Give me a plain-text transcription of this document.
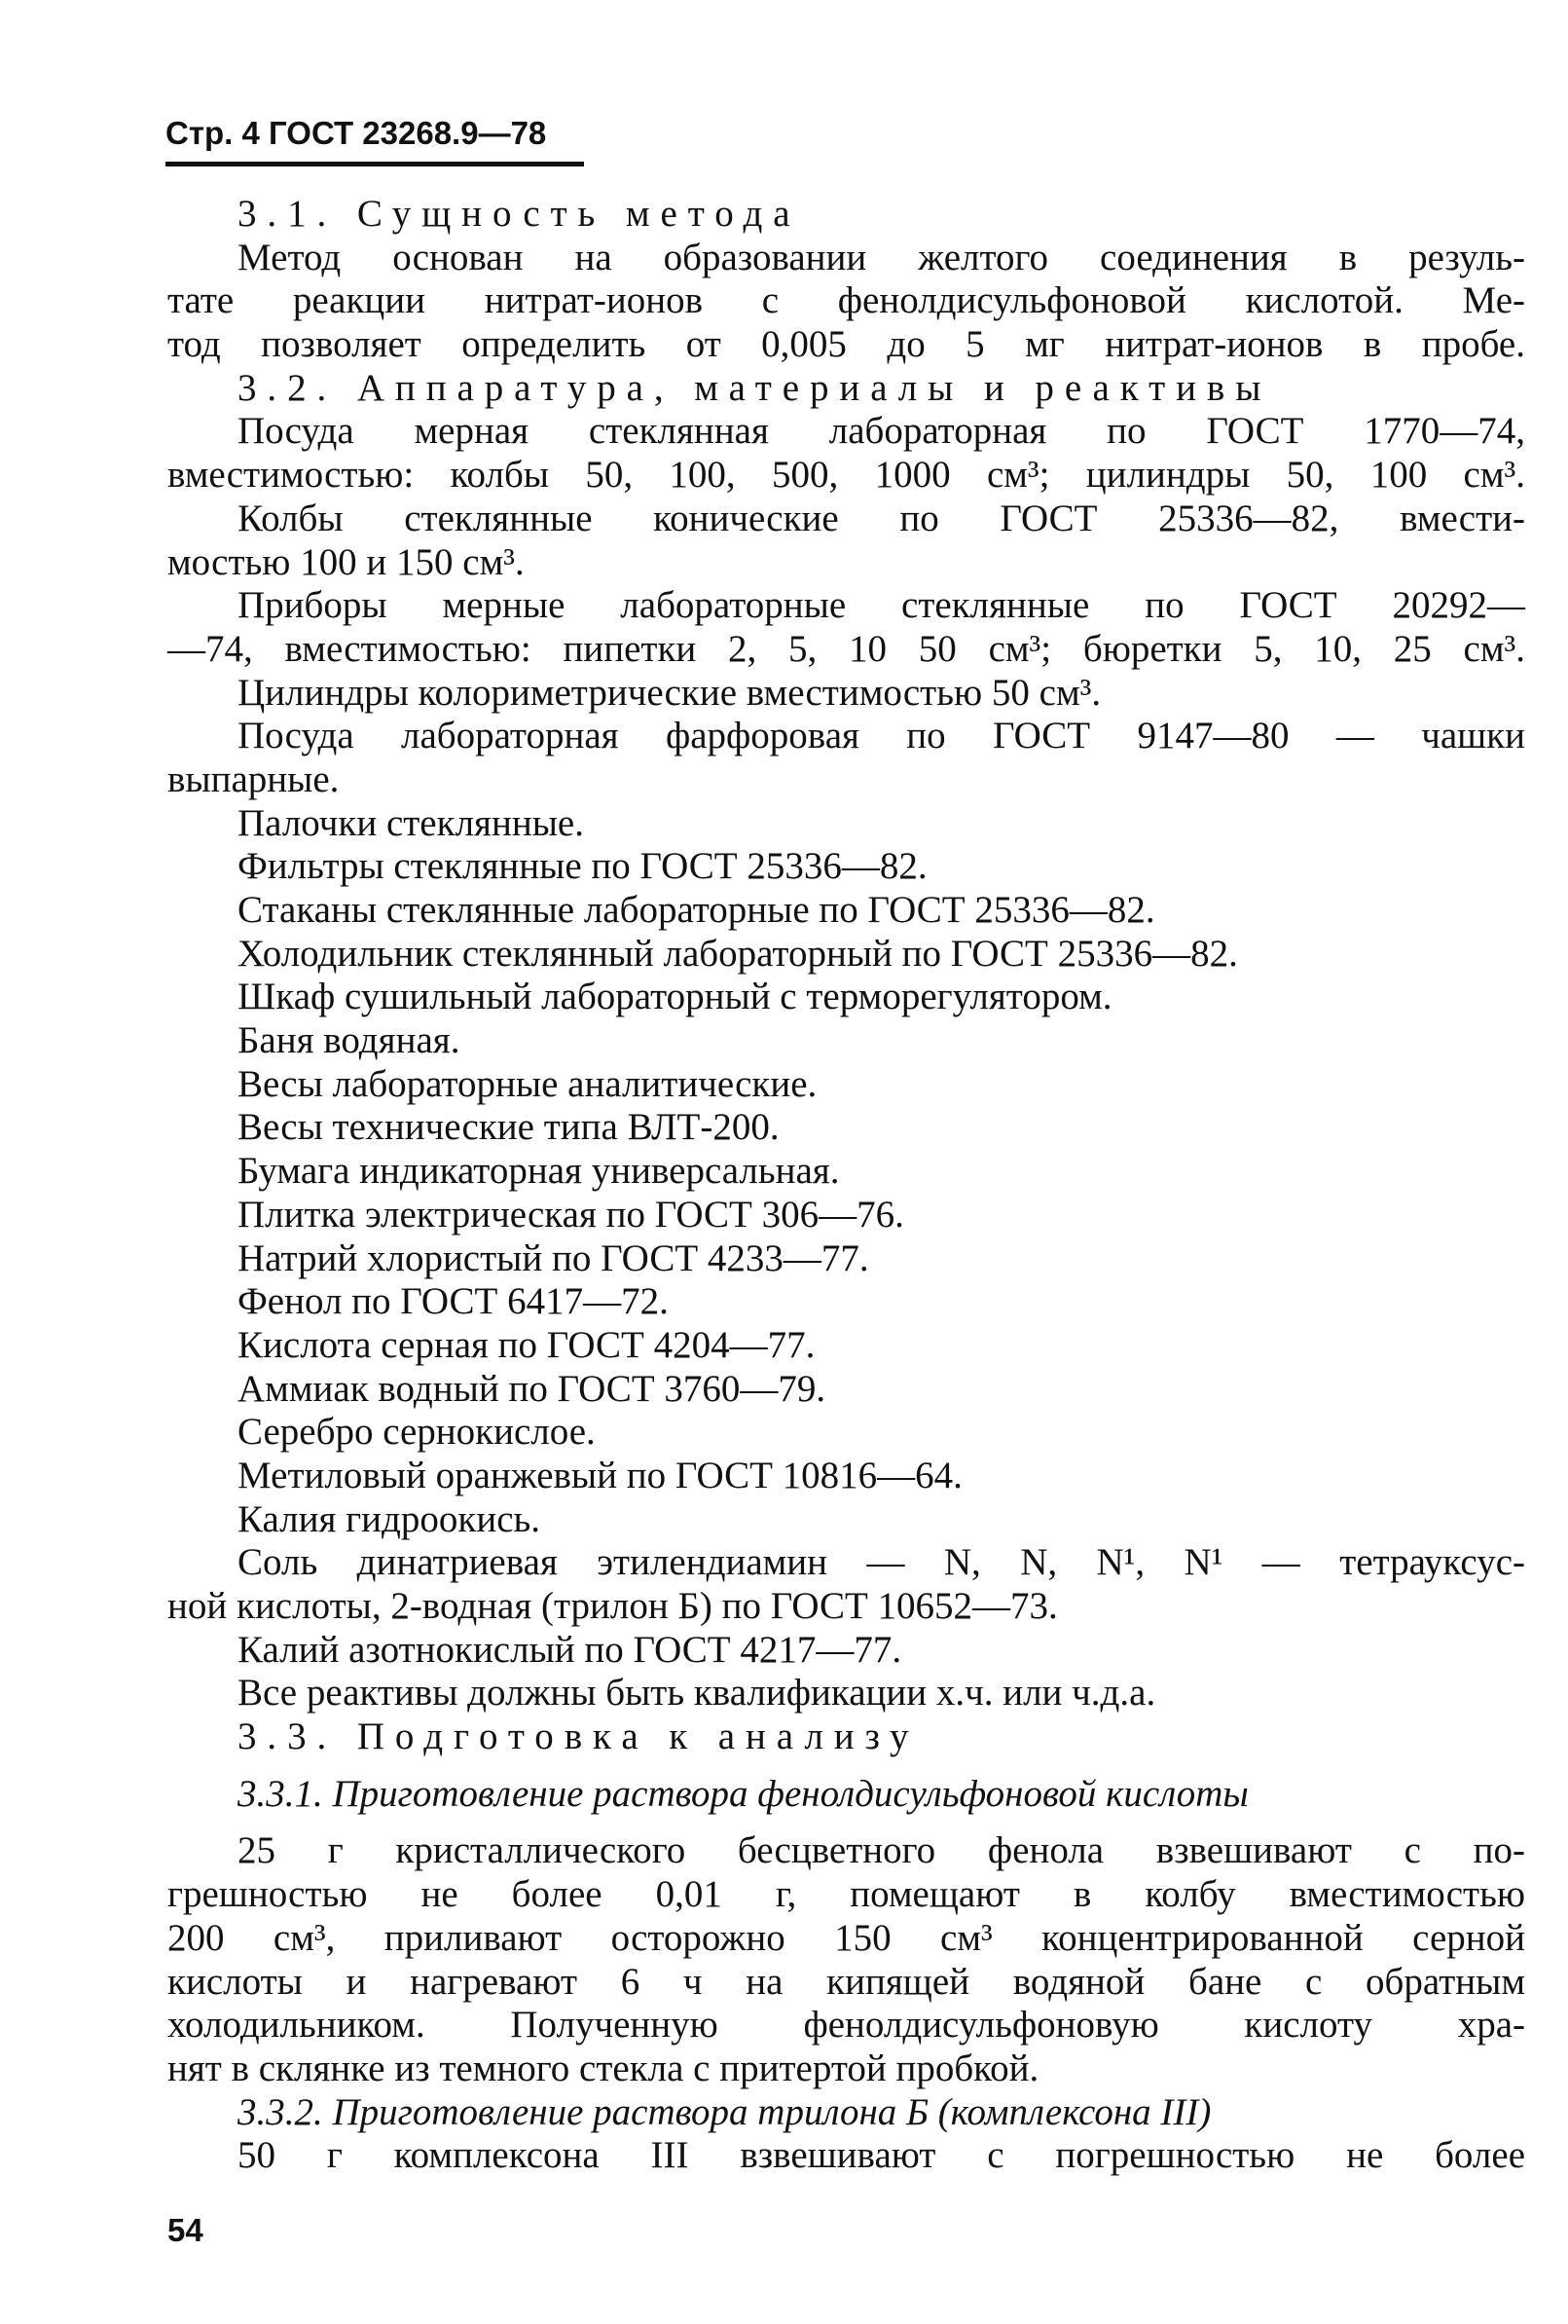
Стр. 4 ГОСТ 23268.9—78
3.1. Сущность метода
Метод основан на образовании желтого соединения в резуль-
тате реакции нитрат-ионов с фенолдисульфоновой кислотой. Ме-
тод позволяет определить от 0,005 до 5 мг нитрат-ионов в пробе.
3.2. Аппаратура, материалы и реактивы
Посуда мерная стеклянная лабораторная по ГОСТ 1770—74,
вместимостью: колбы 50, 100, 500, 1000 см³; цилиндры 50, 100 см³.
Колбы стеклянные конические по ГОСТ 25336—82, вмести-
мостью 100 и 150 см³.
Приборы мерные лабораторные стеклянные по ГОСТ 20292—
—74, вместимостью: пипетки 2, 5, 10 50 см³; бюретки 5, 10, 25 см³.
Цилиндры колориметрические вместимостью 50 см³.
Посуда лабораторная фарфоровая по ГОСТ 9147—80 — чашки
выпарные.
Палочки стеклянные.
Фильтры стеклянные по ГОСТ 25336—82.
Стаканы стеклянные лабораторные по ГОСТ 25336—82.
Холодильник стеклянный лабораторный по ГОСТ 25336—82.
Шкаф сушильный лабораторный с терморегулятором.
Баня водяная.
Весы лабораторные аналитические.
Весы технические типа ВЛТ-200.
Бумага индикаторная универсальная.
Плитка электрическая по ГОСТ 306—76.
Натрий хлористый по ГОСТ 4233—77.
Фенол по ГОСТ 6417—72.
Кислота серная по ГОСТ 4204—77.
Аммиак водный по ГОСТ 3760—79.
Серебро сернокислое.
Метиловый оранжевый по ГОСТ 10816—64.
Калия гидроокись.
Соль динатриевая этилендиамин — N, N, N¹, N¹ — тетрауксус-
ной кислоты, 2-водная (трилон Б) по ГОСТ 10652—73.
Калий азотнокислый по ГОСТ 4217—77.
Все реактивы должны быть квалификации х.ч. или ч.д.а.
3.3. Подготовка к анализу
3.3.1. Приготовление раствора фенолдисульфоновой кислоты
25 г кристаллического бесцветного фенола взвешивают с по-
грешностью не более 0,01 г, помещают в колбу вместимостью
200 см³, приливают осторожно 150 см³ концентрированной серной
кислоты и нагревают 6 ч на кипящей водяной бане с обратным
холодильником. Полученную фенолдисульфоновую кислоту хра-
нят в склянке из темного стекла с притертой пробкой.
3.3.2. Приготовление раствора трилона Б (комплексона III)
50 г комплексона III взвешивают с погрешностью не более
54
